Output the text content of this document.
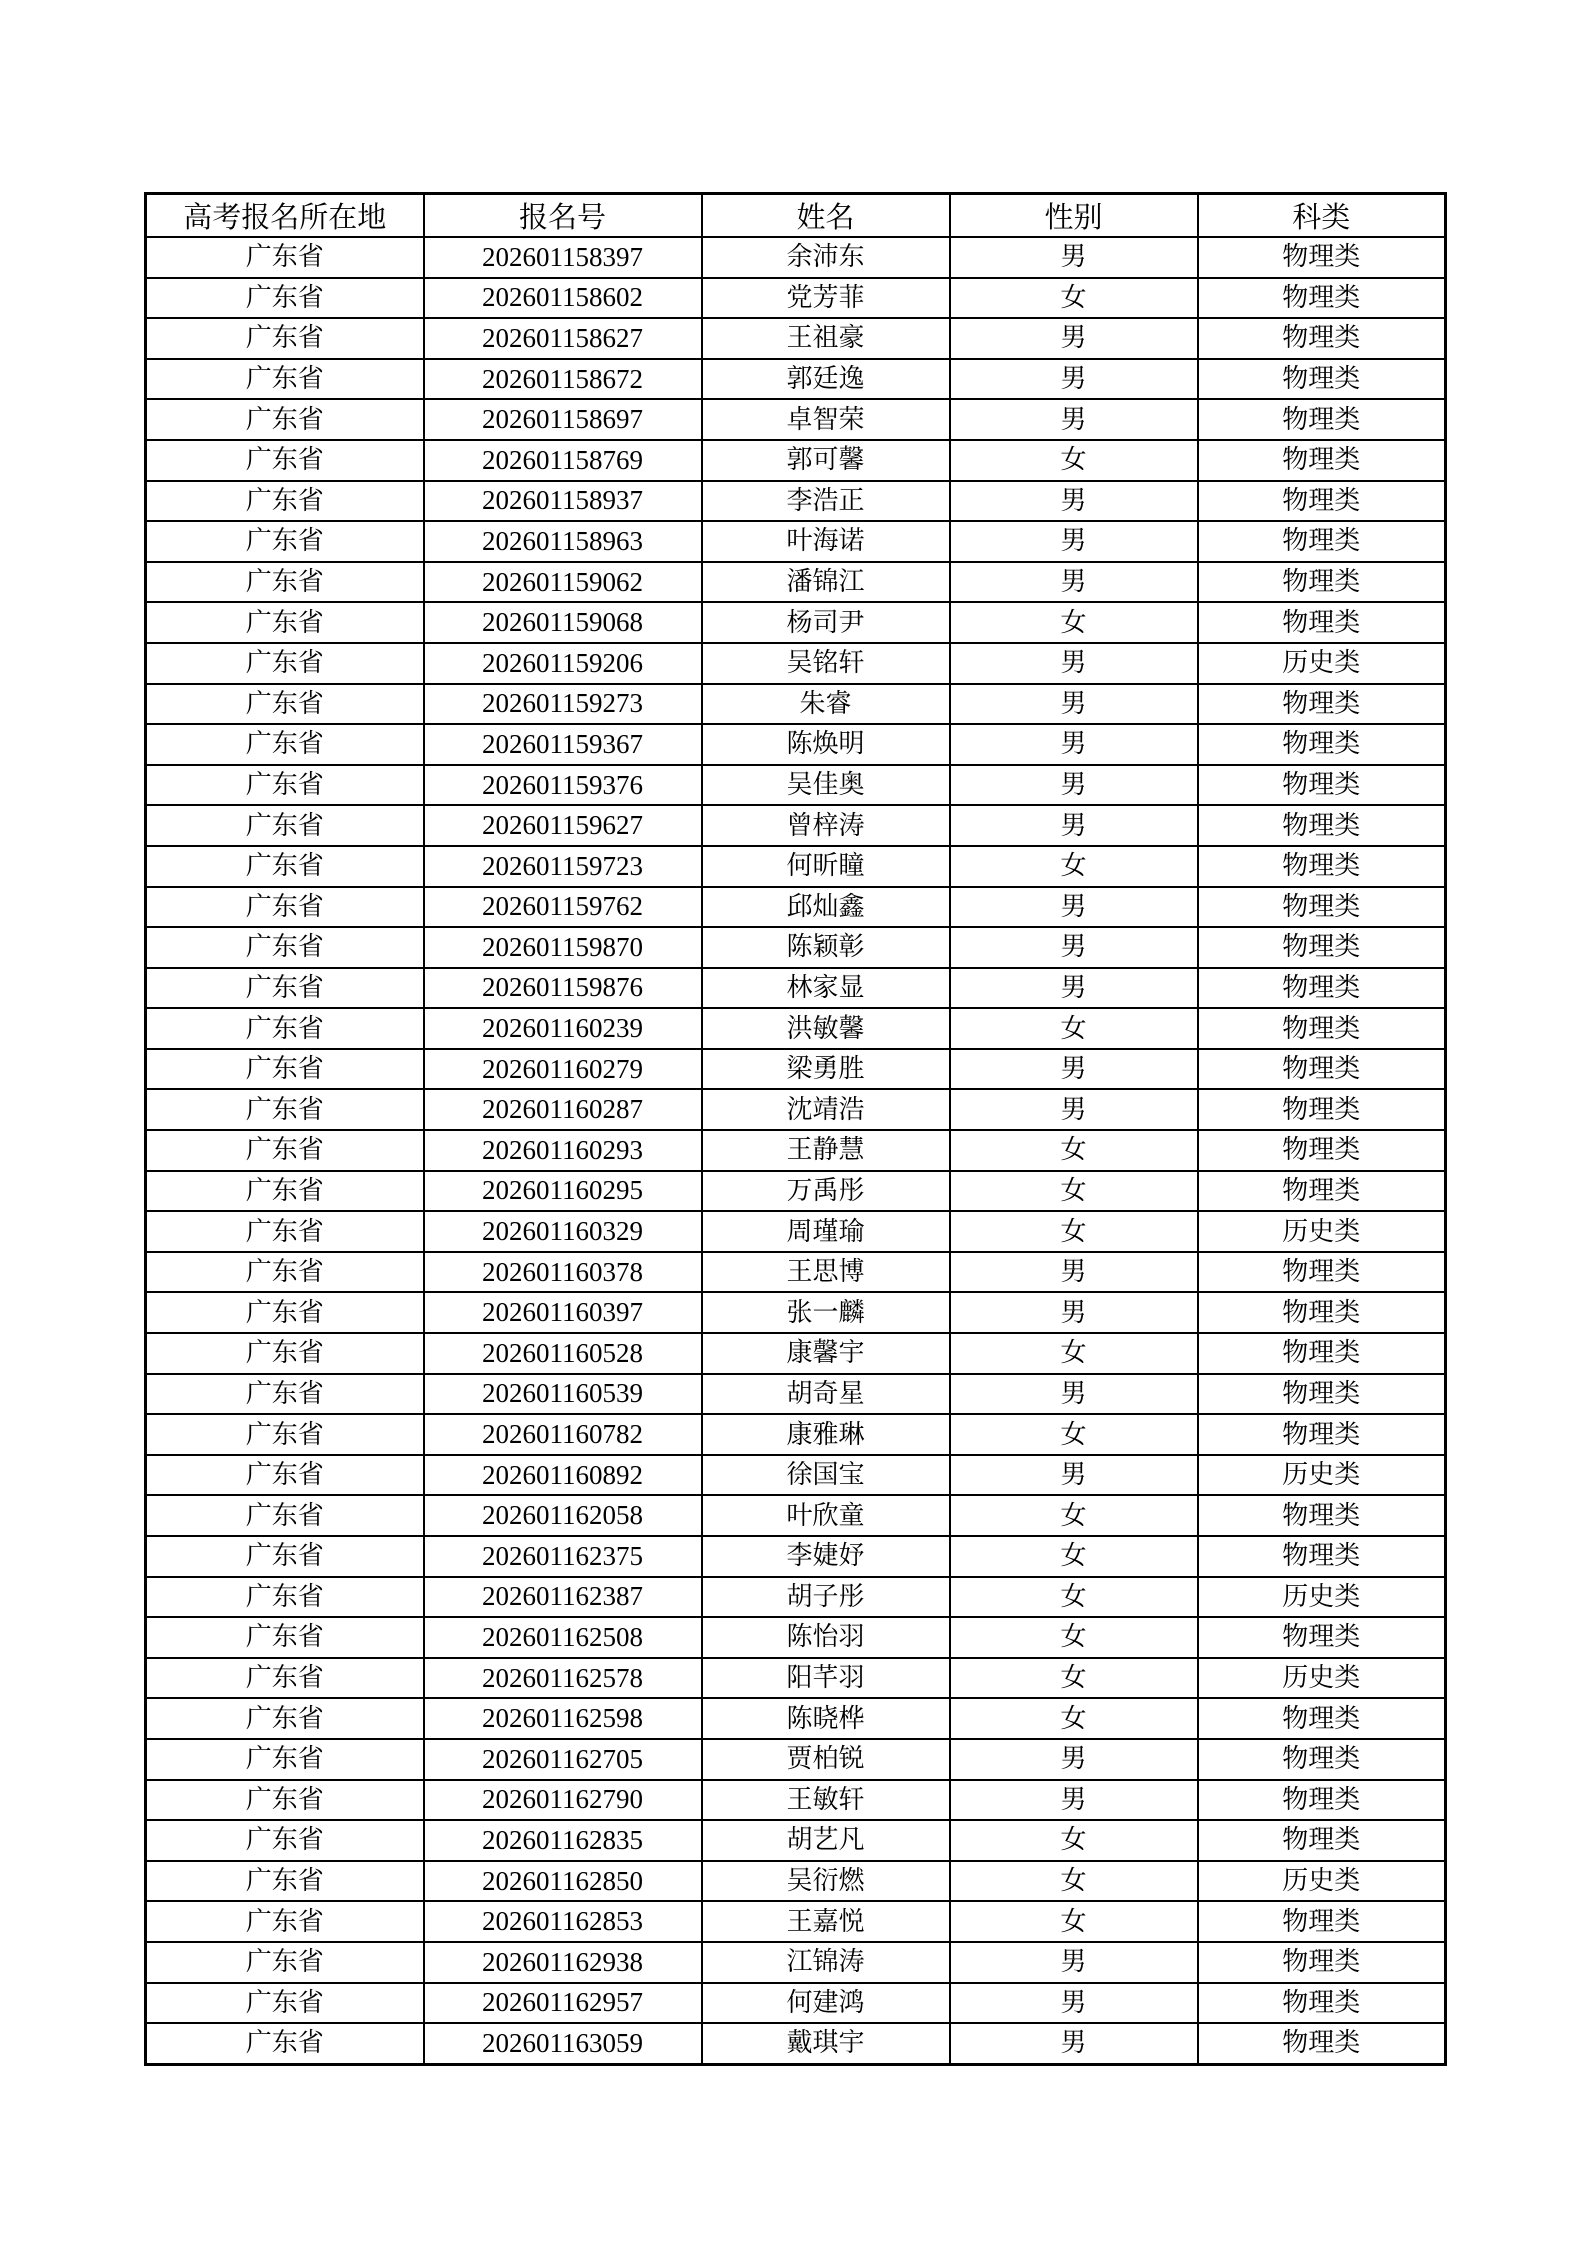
高考报名所在地	报名号	姓名	性别	科类
广东省	202601158397	余沛东	男	物理类
广东省	202601158602	党芳菲	女	物理类
广东省	202601158627	王祖豪	男	物理类
广东省	202601158672	郭廷逸	男	物理类
广东省	202601158697	卓智荣	男	物理类
广东省	202601158769	郭可馨	女	物理类
广东省	202601158937	李浩正	男	物理类
广东省	202601158963	叶海诺	男	物理类
广东省	202601159062	潘锦江	男	物理类
广东省	202601159068	杨司尹	女	物理类
广东省	202601159206	吴铭轩	男	历史类
广东省	202601159273	朱睿	男	物理类
广东省	202601159367	陈焕明	男	物理类
广东省	202601159376	吴佳奥	男	物理类
广东省	202601159627	曾梓涛	男	物理类
广东省	202601159723	何昕瞳	女	物理类
广东省	202601159762	邱灿鑫	男	物理类
广东省	202601159870	陈颖彰	男	物理类
广东省	202601159876	林家显	男	物理类
广东省	202601160239	洪敏馨	女	物理类
广东省	202601160279	梁勇胜	男	物理类
广东省	202601160287	沈靖浩	男	物理类
广东省	202601160293	王静慧	女	物理类
广东省	202601160295	万禹彤	女	物理类
广东省	202601160329	周瑾瑜	女	历史类
广东省	202601160378	王思博	男	物理类
广东省	202601160397	张一麟	男	物理类
广东省	202601160528	康馨宇	女	物理类
广东省	202601160539	胡奇星	男	物理类
广东省	202601160782	康雅琳	女	物理类
广东省	202601160892	徐国宝	男	历史类
广东省	202601162058	叶欣童	女	物理类
广东省	202601162375	李婕妤	女	物理类
广东省	202601162387	胡子彤	女	历史类
广东省	202601162508	陈怡羽	女	物理类
广东省	202601162578	阳芊羽	女	历史类
广东省	202601162598	陈晓桦	女	物理类
广东省	202601162705	贾柏锐	男	物理类
广东省	202601162790	王敏轩	男	物理类
广东省	202601162835	胡艺凡	女	物理类
广东省	202601162850	吴衍燃	女	历史类
广东省	202601162853	王嘉悦	女	物理类
广东省	202601162938	江锦涛	男	物理类
广东省	202601162957	何建鸿	男	物理类
广东省	202601163059	戴琪宇	男	物理类
